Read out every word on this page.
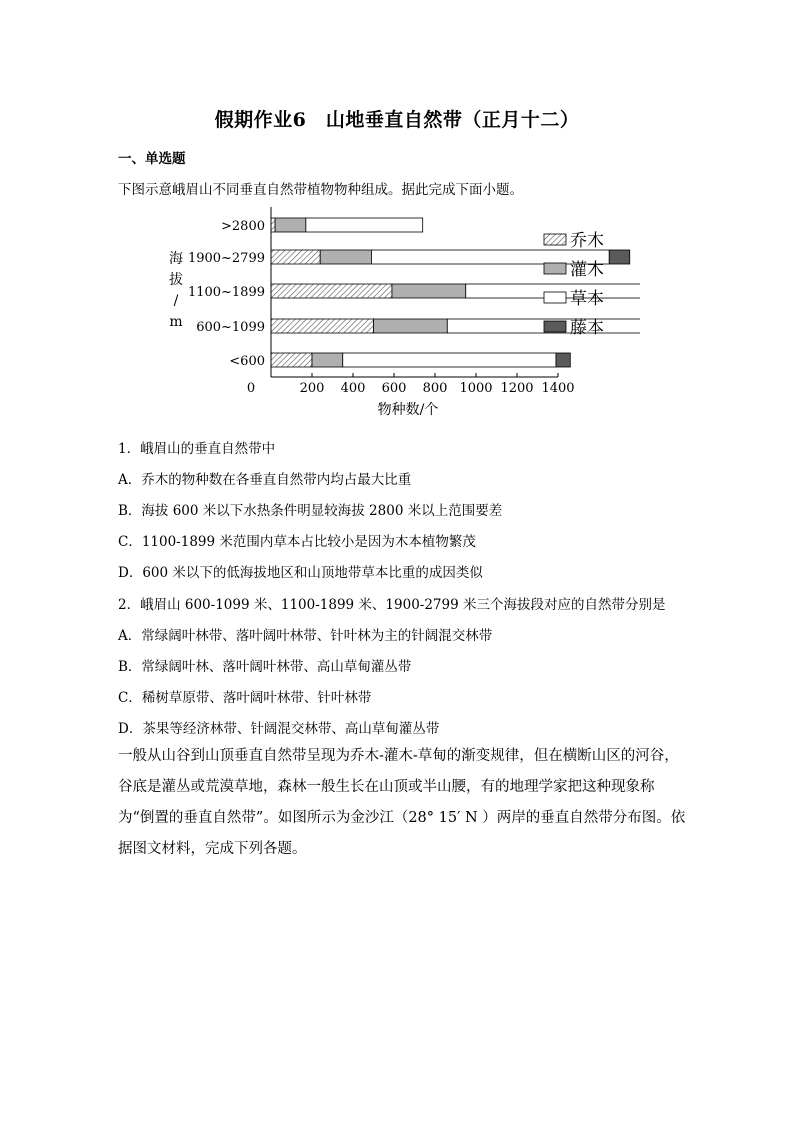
假期作业6　山地垂直自然带（正月十二）
一、单选题
下图示意峨眉山不同垂直自然带植物物种组成。据此完成下面小题。
>2800
1900~2799
1100~1899
600~1099
<600
0	200 400 600 800 1000 1200 1400
物种数/个
乔木
灌木
草本
藤本
海拔/ m
1．峨眉山的垂直自然带中
A．乔木的物种数在各垂直自然带内均占最大比重
B．海拔 600 米以下水热条件明显较海拔 2800 米以上范围要差
C．1100-1899 米范围内草本占比较小是因为木本植物繁茂
D．600 米以下的低海拔地区和山顶地带草本比重的成因类似
2．峨眉山 600-1099 米、1100-1899 米、1900-2799 米三个海拔段对应的自然带分别是
A．常绿阔叶林带、落叶阔叶林带、针叶林为主的针阔混交林带
B．常绿阔叶林、落叶阔叶林带、高山草甸灌丛带
C．稀树草原带、落叶阔叶林带、针叶林带
D．茶果等经济林带、针阔混交林带、高山草甸灌丛带
一般从山谷到山顶垂直自然带呈现为乔木-灌木-草甸的渐变规律，但在横断山区的河谷，谷底是灌丛或荒漠草地，森林一般生长在山顶或半山腰，有的地理学家把这种现象称为“倒置的垂直自然带”。如图所示为金沙江（28° 15′ N ）两岸的垂直自然带分布图。依据图文材料，完成下列各题。
